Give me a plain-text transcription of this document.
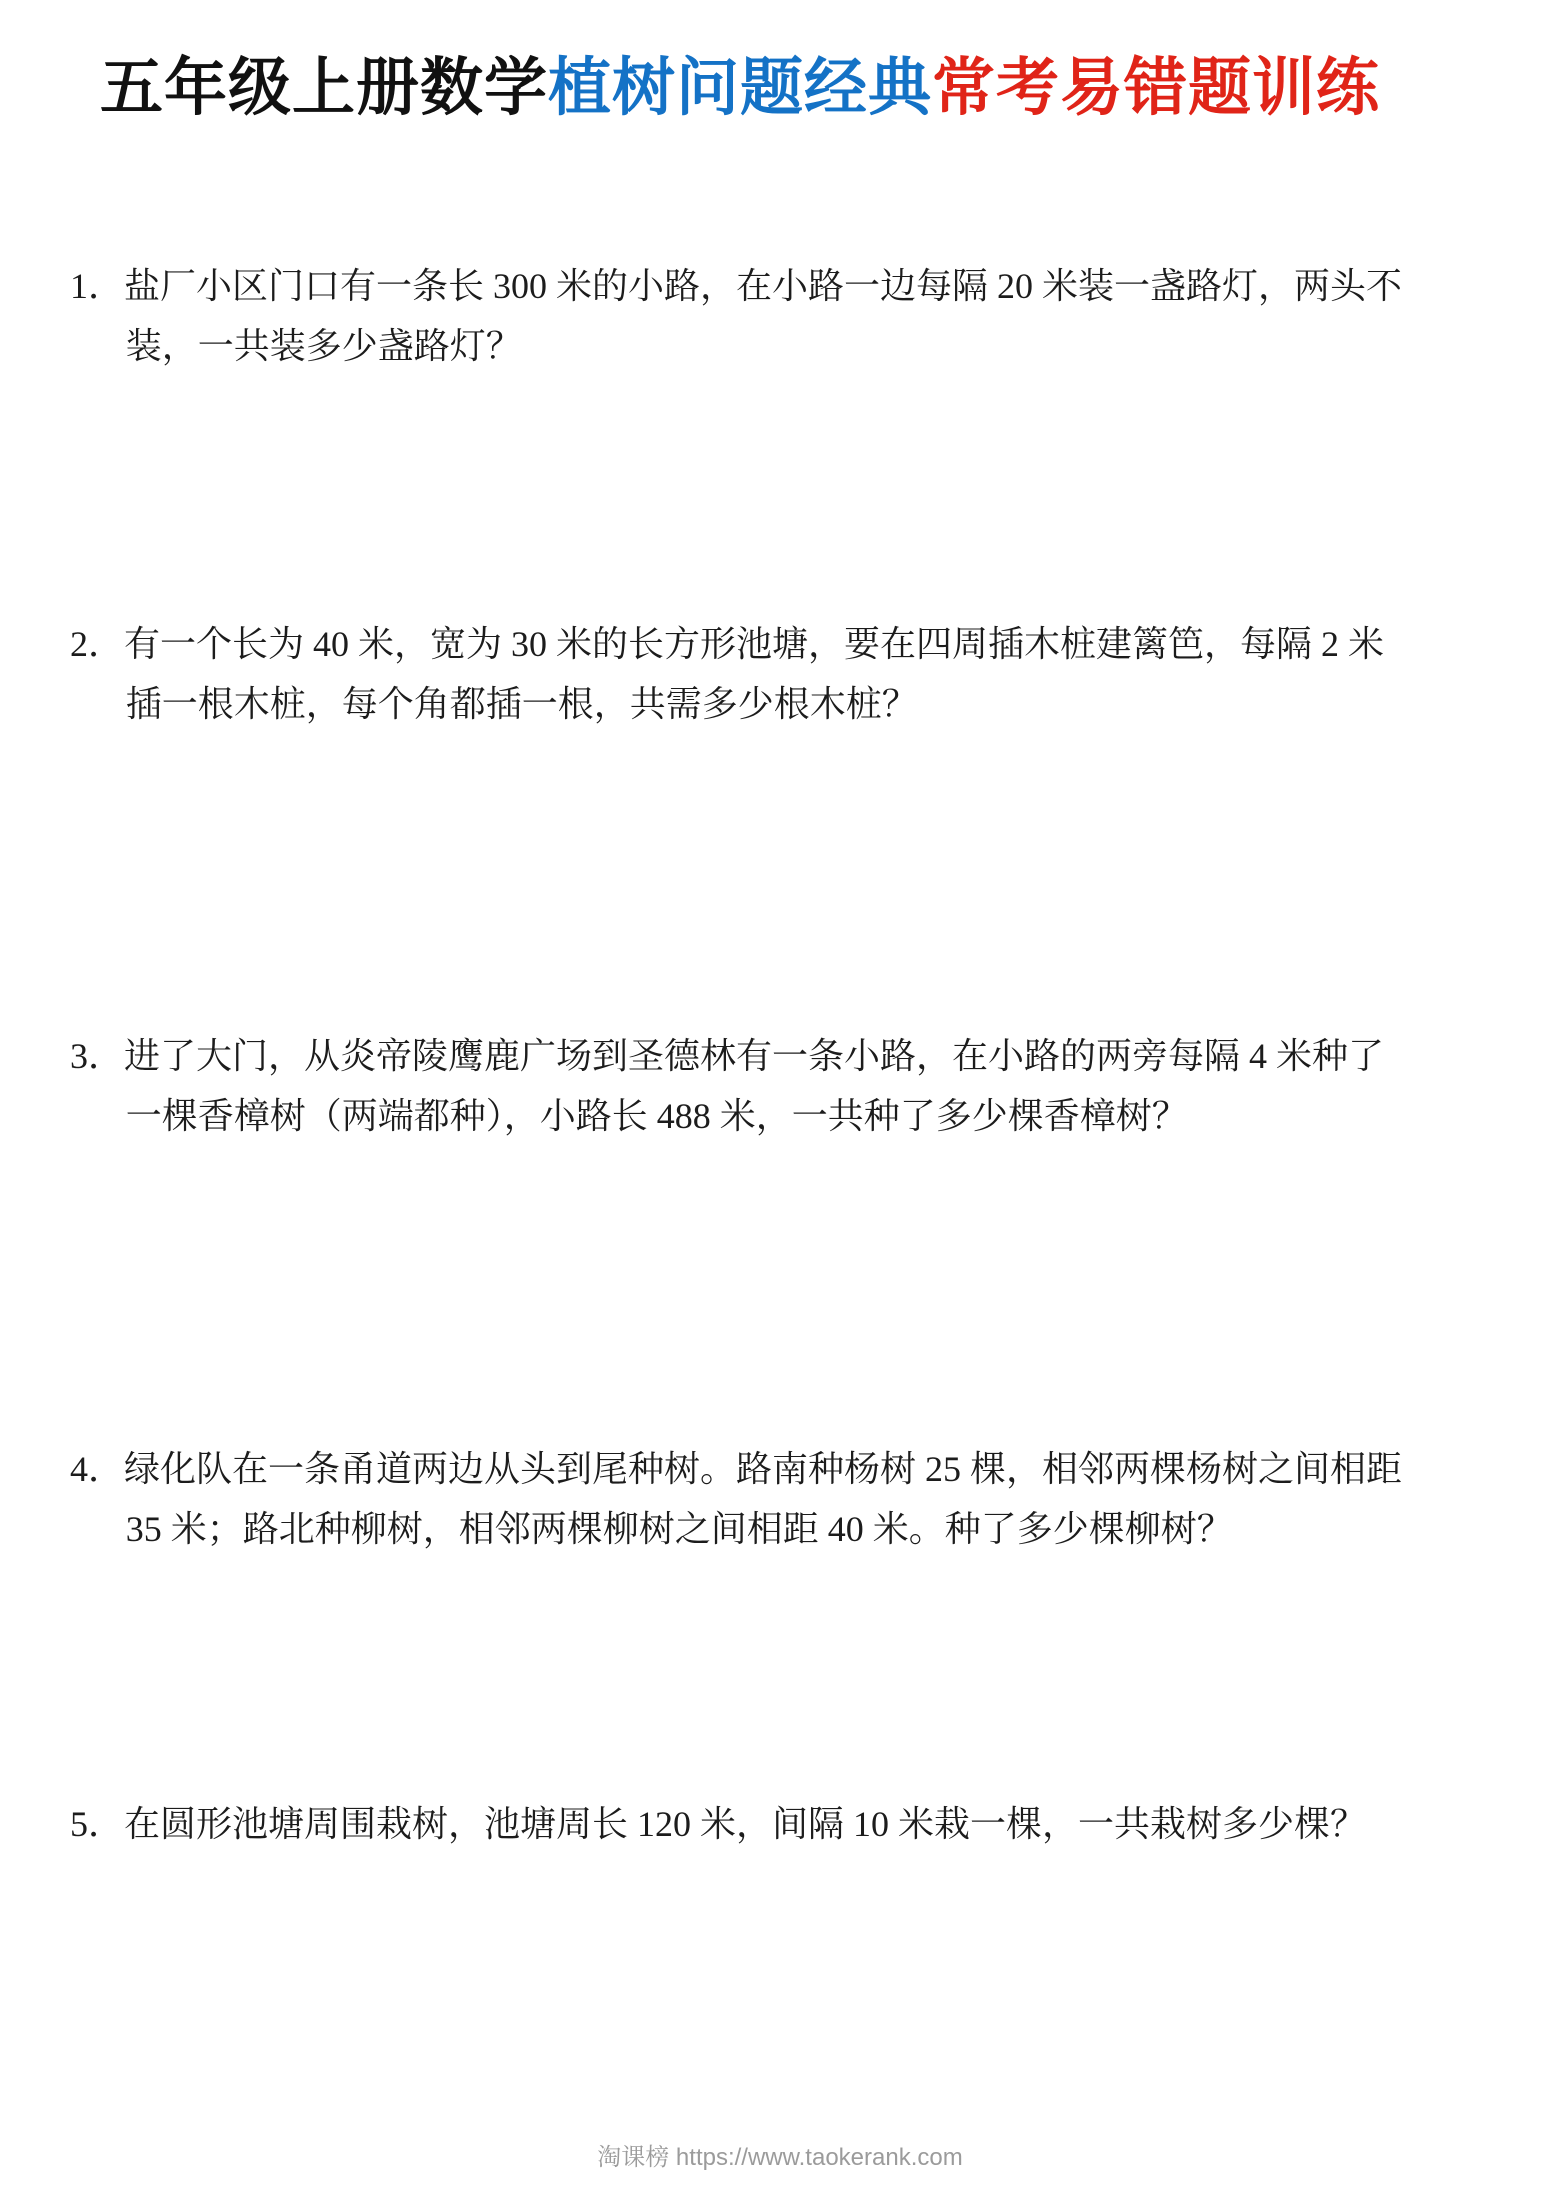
五年级上册数学植树问题经典常考易错题训练
1．盐厂小区门口有一条长 300 米的小路，在小路一边每隔 20 米装一盏路灯，两头不装，一共装多少盏路灯？
2．有一个长为 40 米，宽为 30 米的长方形池塘，要在四周插木桩建篱笆，每隔 2 米插一根木桩，每个角都插一根，共需多少根木桩？
3．进了大门，从炎帝陵鹰鹿广场到圣德林有一条小路，在小路的两旁每隔 4 米种了一棵香樟树（两端都种），小路长 488 米，一共种了多少棵香樟树？
4．绿化队在一条甬道两边从头到尾种树。路南种杨树 25 棵，相邻两棵杨树之间相距 35 米；路北种柳树，相邻两棵柳树之间相距 40 米。种了多少棵柳树？
5．在圆形池塘周围栽树，池塘周长 120 米，间隔 10 米栽一棵，一共栽树多少棵？
淘课榜 https://www.taokerank.com
